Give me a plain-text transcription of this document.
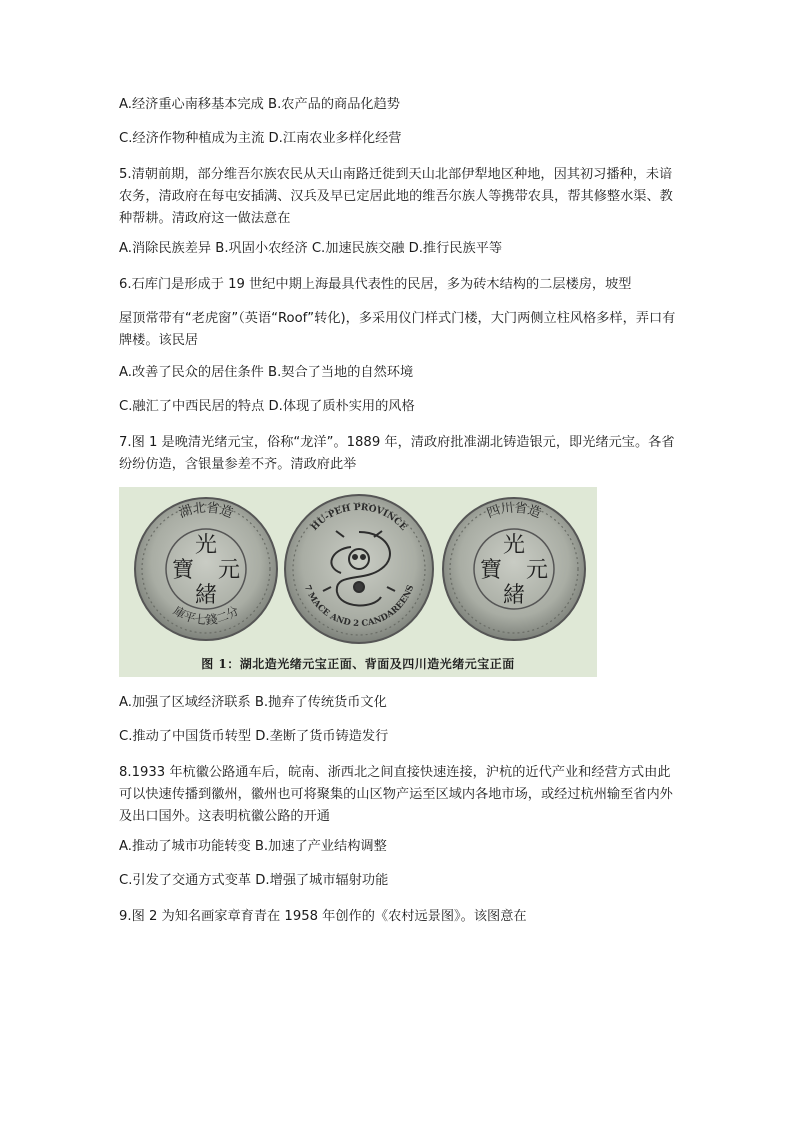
A.经济重心南移基本完成 B.农产品的商品化趋势

C.经济作物种植成为主流 D.江南农业多样化经营

5.清朝前期，部分维吾尔族农民从天山南路迁徙到天山北部伊犁地区种地，因其初习播种，未谙农务，清政府在每屯安插满、汉兵及早已定居此地的维吾尔族人等携带农具，帮其修整水渠、教种帮耕。清政府这一做法意在

A.消除民族差异 B.巩固小农经济 C.加速民族交融 D.推行民族平等

6.石库门是形成于 19 世纪中期上海最具代表性的民居，多为砖木结构的二层楼房，坡型

屋顶常带有“老虎窗”（英语“Roof”转化)，多采用仪门样式门楼，大门两侧立柱风格多样，弄口有牌楼。该民居

A.改善了民众的居住条件 B.契合了当地的自然环境

C.融汇了中西民居的特点 D.体现了质朴实用的风格

7.图 1 是晚清光绪元宝，俗称“龙洋”。1889 年，清政府批准湖北铸造银元，即光绪元宝。各省纷纷仿造，含银量参差不齐。清政府此举

湖北省造
庫平七錢二分
光
元
寶
緒
HU-PEH PROVINCE
7 MACE AND 2 CANDAREENS
四川省造
光
元
寶
緒
图 1：湖北造光绪元宝正面、背面及四川造光绪元宝正面

A.加强了区域经济联系 B.抛弃了传统货币文化

C.推动了中国货币转型 D.垄断了货币铸造发行

8.1933 年杭徽公路通车后，皖南、浙西北之间直接快速连接，沪杭的近代产业和经营方式由此可以快速传播到徽州，徽州也可将聚集的山区物产运至区域内各地市场，或经过杭州输至省内外及出口国外。这表明杭徽公路的开通

A.推动了城市功能转变 B.加速了产业结构调整

C.引发了交通方式变革 D.增强了城市辐射功能

9.图 2 为知名画家章育青在 1958 年创作的《农村远景图》。该图意在
